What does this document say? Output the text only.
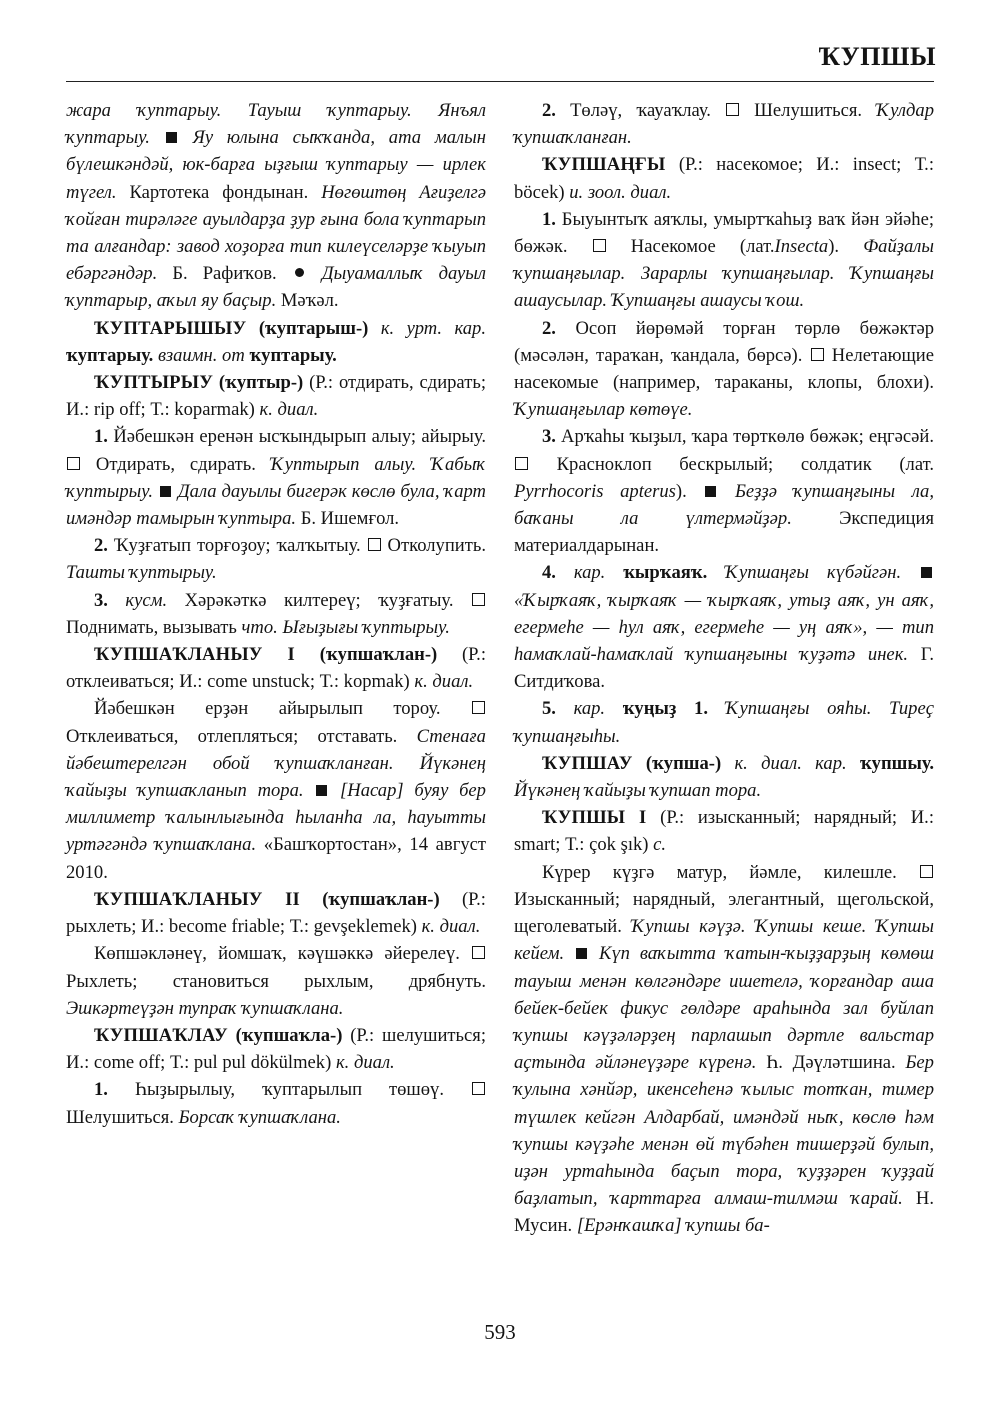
ҠУПШЫ

жара ҡуптарыу. Тауыш ҡуптарыу. Янъял ҡуптарыу. Яу юлына сыҡҡанда, ата малын бүлешкәндәй, юк-барға ыҙғыш ҡуптарыу — ирлек түгел. Картотека фондынан. Нөгөштөң Ағиҙелгә ҡойған тирәләге ауылдарҙа ҙур ғына бола ҡуптарып та алғандар: завод хоҙорға тип килеүселәрҙе ҡыуып ебәргәндәр. Б. Рафиҡов. Дыуамаллыҡ дауыл ҡуптарыр, аҡыл яу баҫыр. Мәҡәл.

ҠУПТАРЫШЫУ (ҡуптарыш-) к. урт. кар. ҡуптарыу. взаимн. от ҡуптарыу.

ҠУПТЫРЫУ (ҡуптыр-) (Р.: отдирать, сдирать; И.: rip off; Т.: koparmak) к. диал.

1. Йәбешкән еренән ысҡындырып алыу; айырыу.  Отдирать, сдирать. Ҡуптырып алыу. Ҡабыҡ ҡуптырыу. Дала дауылы бигерәк көслө була, ҡарт имәндәр тамырын ҡуптыра. Б. Ишемғол.

2. Ҡуҙғатып торғоҙоу; ҡалҡытыу. Отколупить. Ташты ҡуптырыу.

3. кусм. Хәрәкәткә килтереү; ҡуҙғатыу.  Поднимать, вызывать что. Ығыҙығы ҡуптырыу.

ҠУПШАҠЛАНЫУ I (ҡупшаҡлан-) (Р.: отклеиваться; И.: come unstuck; Т.: kopmak) к. диал.

Йәбешкән ерҙән айырылып тороу.  Отклеиваться, отлепляться; отставать. Стенаға йәбештерелгән обой ҡупшаҡланған. Йүкәнең ҡайыҙы ҡупшаҡланып тора. [Насар] буяу бер миллиметр ҡалынлығында һыланһа ла, һауытты уртәгәндә ҡупшаҡлана. «Башҡортостан», 14 август 2010.

ҠУПШАҠЛАНЫУ II (ҡупшаҡлан-) (Р.: рыхлеть; И.: become friable; Т.: gevşeklemek) к. диал.

Көпшәкләнеү, йомшаҡ, кәүшәккә әйерелеү.  Рыхлеть; становиться рыхлым, дрябнуть. Эшкәртеүҙән тупраҡ ҡупшаҡлана.

ҠУПШАҠЛАУ (ҡупшаҡла-) (Р.: шелушиться; И.: come off; Т.: pul pul dökülmek) к. диал.

1. Һыҙырылыу, ҡуптарылып төшөү.  Шелушиться. Борсаҡ ҡупшаҡлана.

2. Төләү, ҡауаҡлау. Шелушиться. Ҡулдар ҡупшаҡланған.

ҠУПШАҢҒЫ (Р.: насекомое; И.: insect; Т.: böcek) и. зоол. диал.

1. Быуынтыҡ аяҡлы, умыртҡаһыҙ ваҡ йән эйәһе; бөжәк.	Насекомое (лат.Insecta). Файҙалы ҡупшаңғылар. Зарарлы ҡупшаңғылар. Ҡупшаңғы ашаусылар. Ҡупшаңғы ашаусы ҡош.

2. Осоп йөрөмәй торған төрлө бөжәктәр (мәсәлән, тараҡан, ҡандала, бөрсә). Нелетающие насекомые (например, тараканы, клопы, блохи). Ҡупшаңғылар көтөүе.

3. Арҡаһы ҡыҙыл, ҡара төрткөлө бөжәк; еңгәсәй.  Красноклоп бескрылый; солдатик (лат. Pyrrhocoris apterus).	Беҙҙә ҡупшаңғыны ла, баҡаны ла үлтермәйҙәр.	Экспедиция материалдарынан.

4. кар. ҡырҡаяҡ. Ҡупшаңғы күбәйгән.  «Ҡырҡаяҡ, ҡырҡаяҡ — ҡырҡаяҡ, утыҙ аяҡ, ун аяҡ, егермеһе — һул аяҡ, егермеһе — уң аяҡ», — тип һамаҡлай-һамаҡлай ҡупшаңғыны ҡуҙәтә инек. Г. Ситдиҡова.

5. кар. ҡуңыҙ 1. Ҡупшаңғы ояһы. Тиреҫ ҡупшаңғыһы.

ҠУПШАУ (ҡупша-) к. диал. кар. ҡупшыу. Йүкәнең ҡайыҙы ҡупшап тора.

ҠУПШЫ I (Р.: изысканный; нарядный; И.: smart; Т.: çok şık) с.

Күрер күҙгә матур, йәмле, килешле.  Изысканный; нарядный, элегантный, щегольской, щеголеватый. Ҡупшы кәүҙә. Ҡупшы кеше. Ҡупшы кейем. Күп ваҡытта ҡатын-ҡыҙҙарҙың көмөш тауыш менән көлгәндәре ишетелә, ҡорғандар аша бейек-бейек фикус гөлдәре араһында зал буйлап ҡупшы кәүҙәләрҙең парлашып дәртле вальстар аҫтында әйләнеүҙәре күренә. Һ. Дәүләтшина. Бер ҡулына хәнйәр, икенсеһенә ҡылыс тотҡан, тимер түшлек кейгән Алдарбай, имәндәй ныҡ, көслө һәм ҡупшы кәүҙәһе менән өй түбәһен тишерҙәй булып, иҙән уртаһында баҫып тора, ҡуҙҙәрен ҡуҙҙай баҙлатып, ҡарттарға алмаш-тилмәш ҡарай. Н. Мусин. [Ерәнҡашҡа] ҡупшы ба-

593
